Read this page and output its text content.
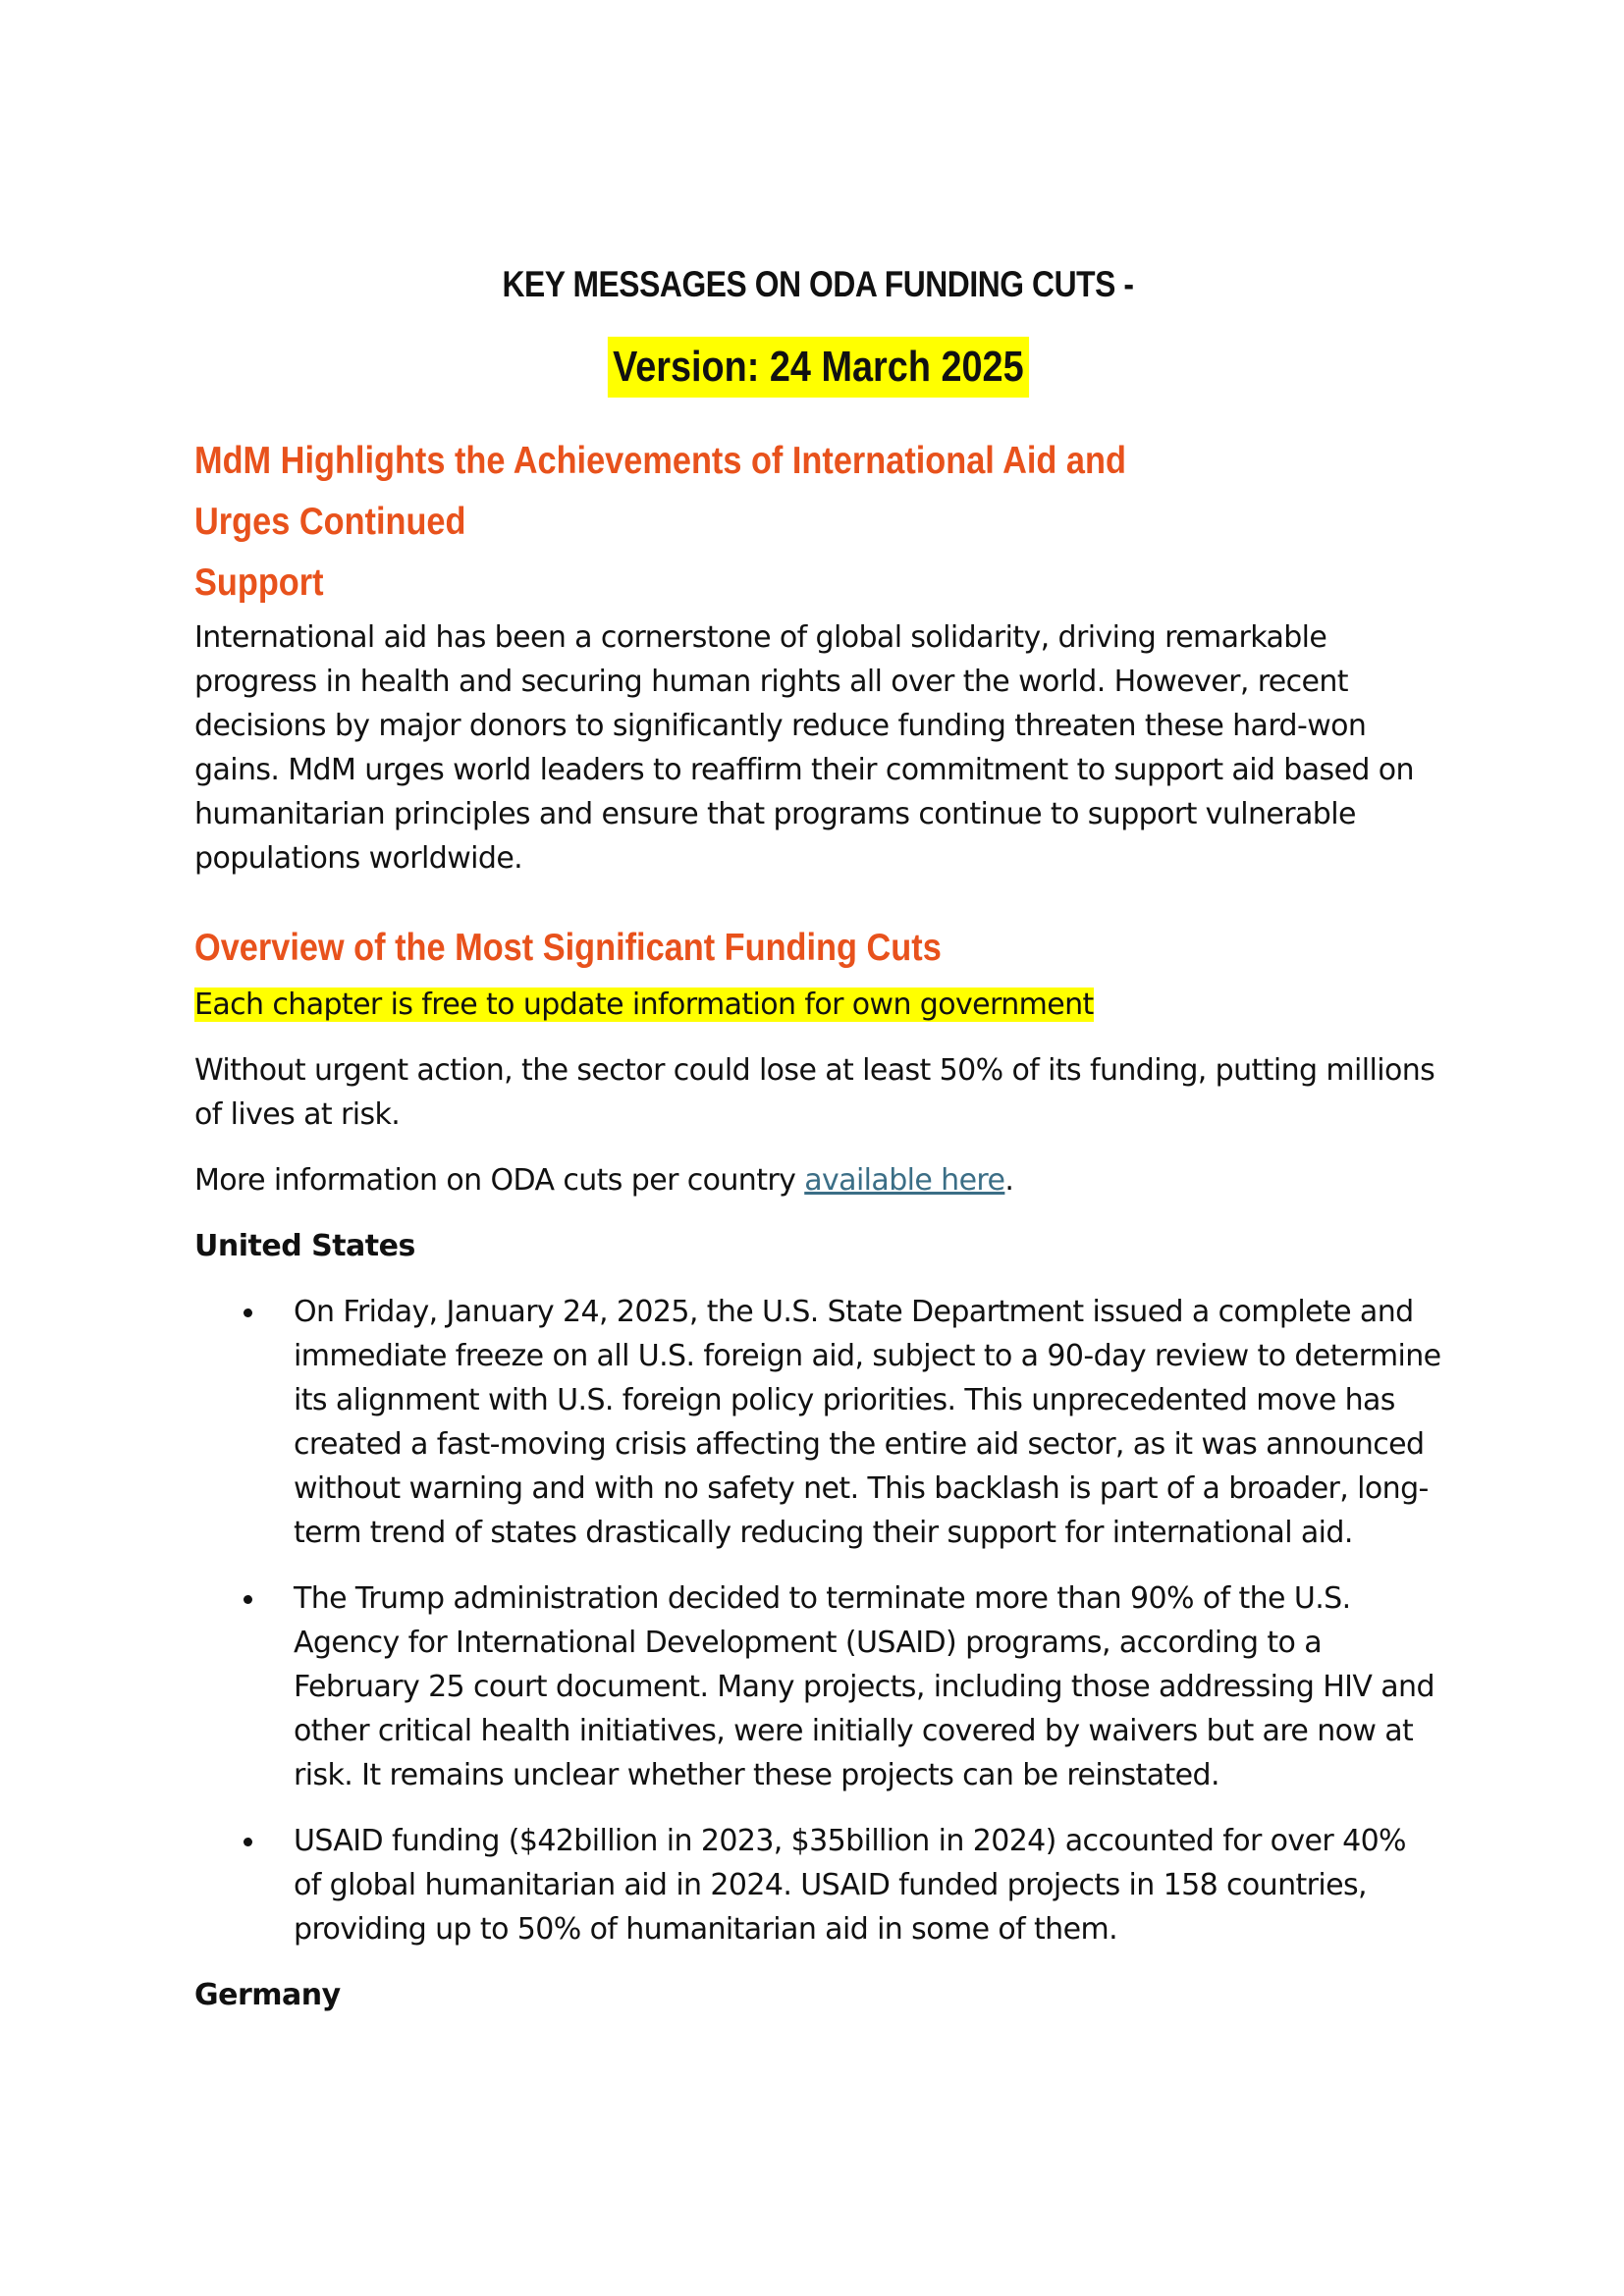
KEY MESSAGES ON ODA FUNDING CUTS -

Version: 24 March 2025

MdM Highlights the Achievements of International Aid and Urges Continued
Support

International aid has been a cornerstone of global solidarity, driving remarkable progress in health and securing human rights all over the world. However, recent decisions by major donors to significantly reduce funding threaten these hard-won gains. MdM urges world leaders to reaffirm their commitment to support aid based on humanitarian principles and ensure that programs continue to support vulnerable populations worldwide.

Overview of the Most Significant Funding Cuts

Each chapter is free to update information for own government

Without urgent action, the sector could lose at least 50% of its funding, putting millions of lives at risk.

More information on ODA cuts per country available here.

United States

On Friday, January 24, 2025, the U.S. State Department issued a complete and immediate freeze on all U.S. foreign aid, subject to a 90-day review to determine its alignment with U.S. foreign policy priorities. This unprecedented move has created a fast-moving crisis affecting the entire aid sector, as it was announced without warning and with no safety net. This backlash is part of a broader, long-term trend of states drastically reducing their support for international aid.
The Trump administration decided to terminate more than 90% of the U.S. Agency for International Development (USAID) programs, according to a February 25 court document. Many projects, including those addressing HIV and other critical health initiatives, were initially covered by waivers but are now at risk. It remains unclear whether these projects can be reinstated.
USAID funding ($42billion in 2023, $35billion in 2024) accounted for over 40% of global humanitarian aid in 2024. USAID funded projects in 158 countries, providing up to 50% of humanitarian aid in some of them.

Germany
